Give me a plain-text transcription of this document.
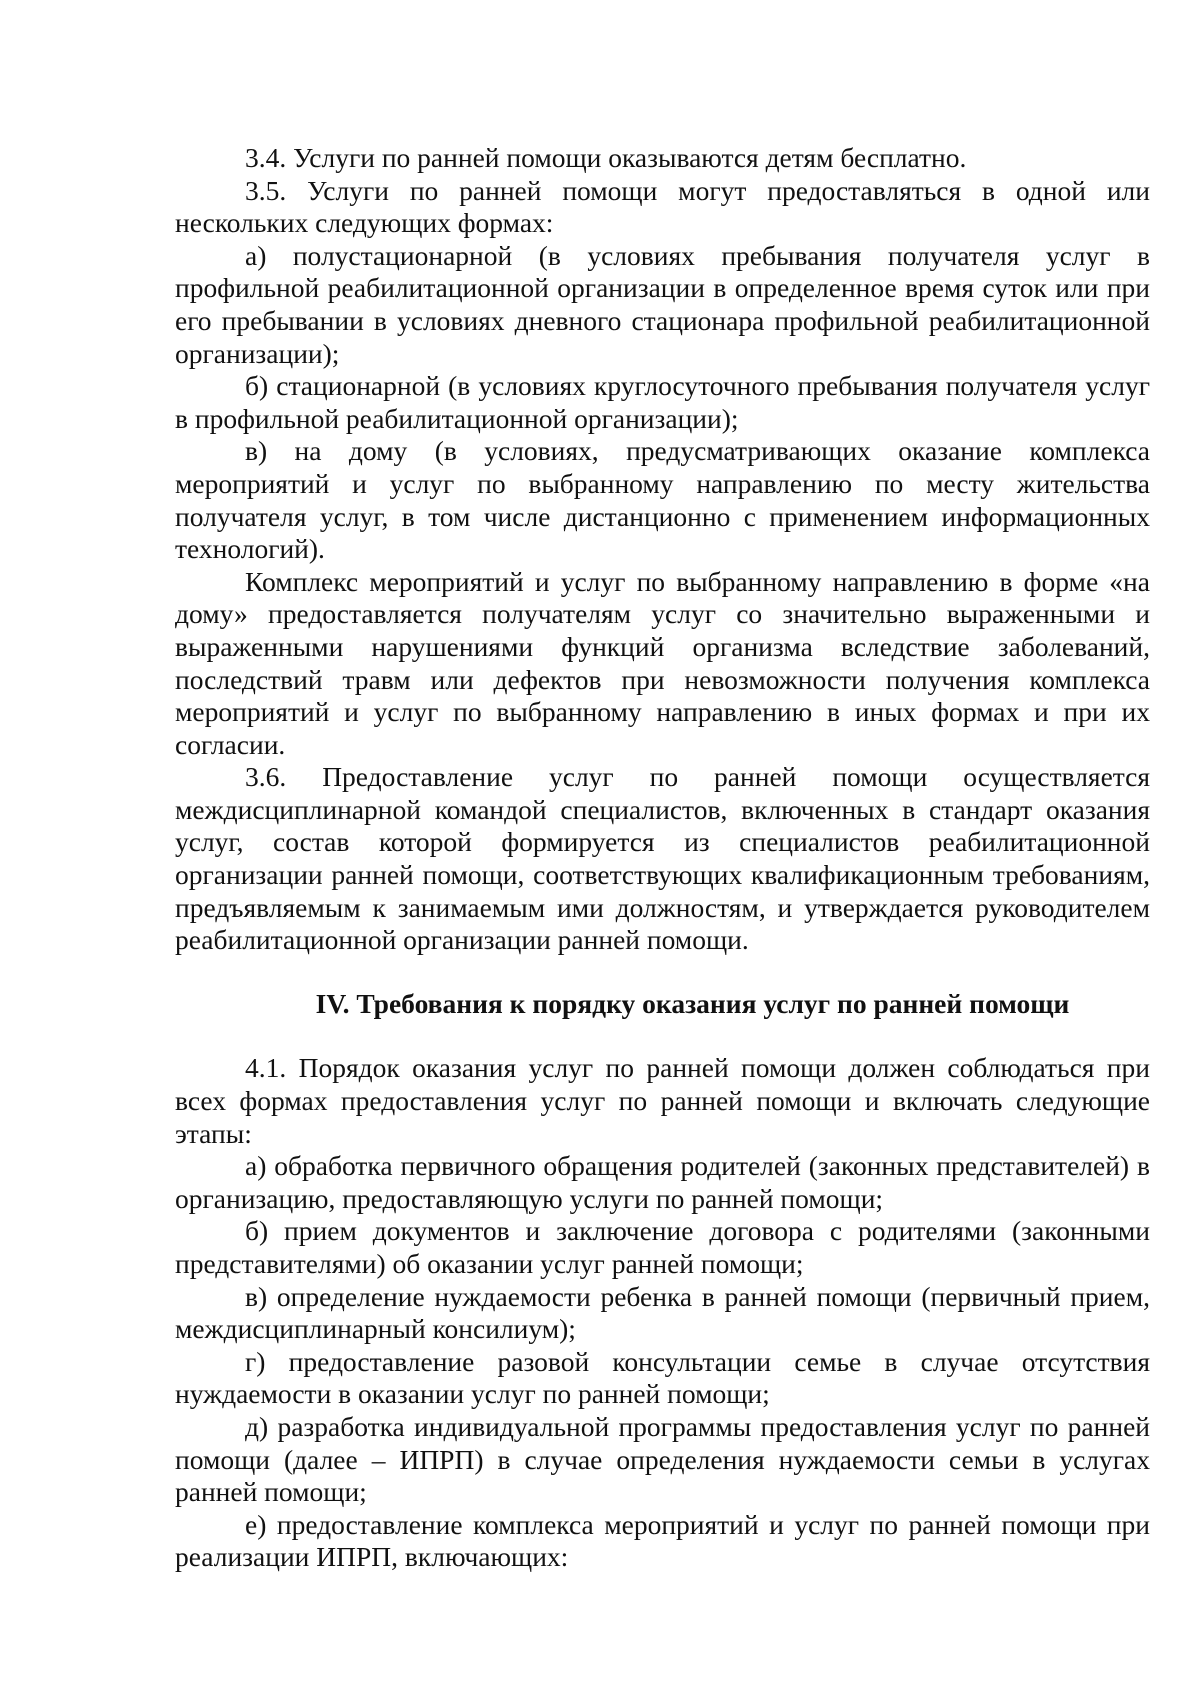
3.4. Услуги по ранней помощи оказываются детям бесплатно.

3.5. Услуги по ранней помощи могут предоставляться в одной или нескольких следующих формах:

а) полустационарной (в условиях пребывания получателя услуг в профильной реабилитационной организации в определенное время суток или при его пребывании в условиях дневного стационара профильной реабилитационной организации);

б) стационарной (в условиях круглосуточного пребывания получателя услуг в профильной реабилитационной организации);

в) на дому (в условиях, предусматривающих оказание комплекса мероприятий и услуг по выбранному направлению по месту жительства получателя услуг, в том числе дистанционно с применением информационных технологий).

Комплекс мероприятий и услуг по выбранному направлению в форме «на дому» предоставляется получателям услуг со значительно выраженными и выраженными нарушениями функций организма вследствие заболеваний, последствий травм или дефектов при невозможности получения комплекса мероприятий и услуг по выбранному направлению в иных формах и при их согласии.

3.6. Предоставление услуг по ранней помощи осуществляется междисциплинарной командой специалистов, включенных в стандарт оказания услуг, состав которой формируется из специалистов реабилитационной организации ранней помощи, соответствующих квалификационным требованиям, предъявляемым к занимаемым ими должностям, и утверждается руководителем реабилитационной организации ранней помощи.

IV. Требования к порядку оказания услуг по ранней помощи

4.1. Порядок оказания услуг по ранней помощи должен соблюдаться при всех формах предоставления услуг по ранней помощи и включать следующие этапы:

а) обработка первичного обращения родителей (законных представителей) в организацию, предоставляющую услуги по ранней помощи;

б) прием документов и заключение договора с родителями (законными представителями) об оказании услуг ранней помощи;

в) определение нуждаемости ребенка в ранней помощи (первичный прием, междисциплинарный консилиум);

г) предоставление разовой консультации семье в случае отсутствия нуждаемости в оказании услуг по ранней помощи;

д) разработка индивидуальной программы предоставления услуг по ранней помощи (далее – ИПРП) в случае определения нуждаемости семьи в услугах ранней помощи;

е) предоставление комплекса мероприятий и услуг по ранней помощи при реализации ИПРП, включающих:
